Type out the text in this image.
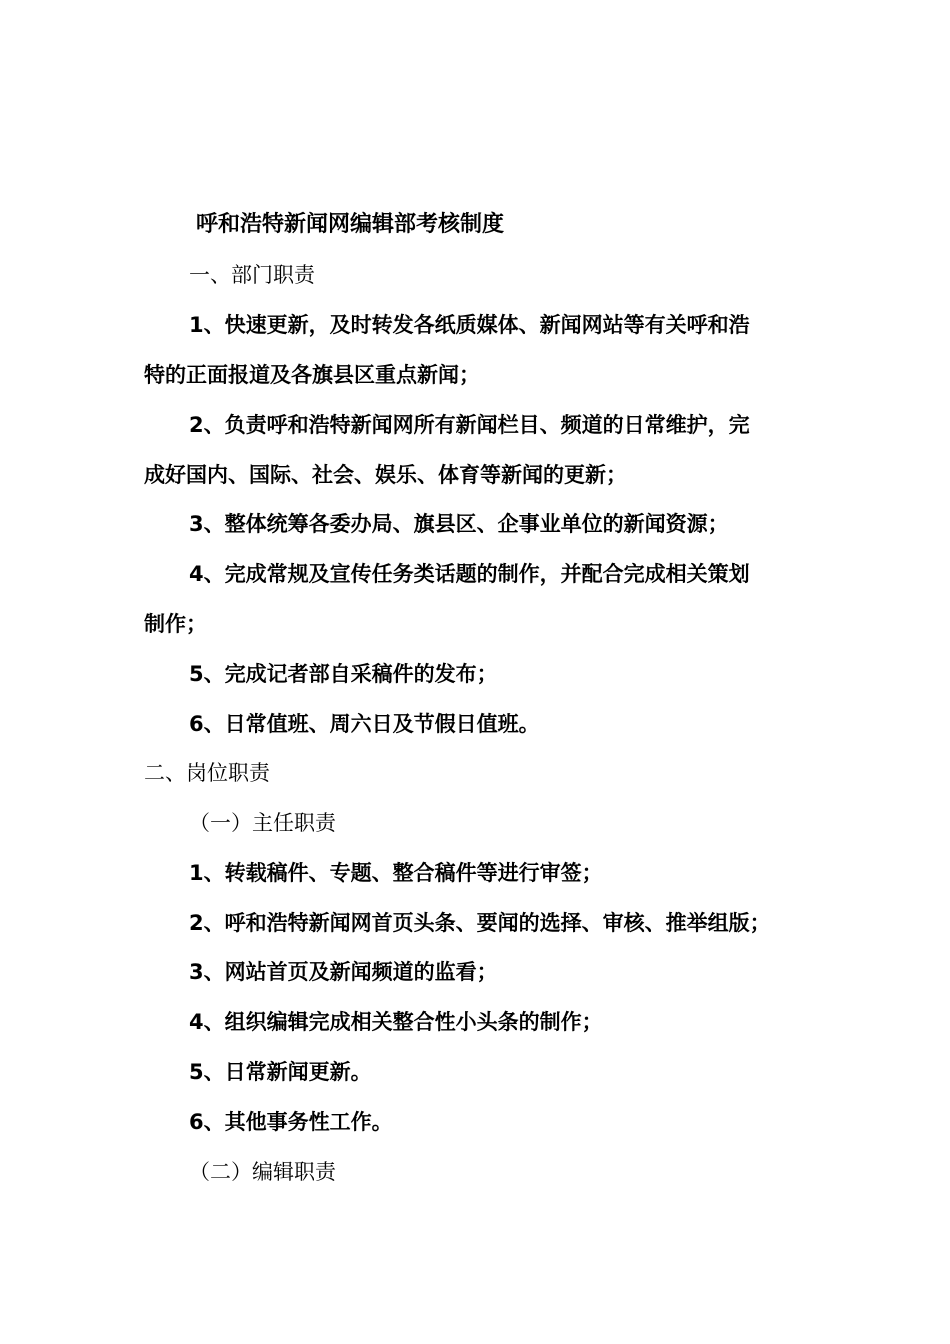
呼和浩特新闻网编辑部考核制度
一、部门职责
1、快速更新，及时转发各纸质媒体、新闻网站等有关呼和浩
特的正面报道及各旗县区重点新闻；
2、负责呼和浩特新闻网所有新闻栏目、频道的日常维护，完
成好国内、国际、社会、娱乐、体育等新闻的更新；
3、整体统筹各委办局、旗县区、企事业单位的新闻资源；
4、完成常规及宣传任务类话题的制作，并配合完成相关策划
制作；
5、完成记者部自采稿件的发布；
6、日常值班、周六日及节假日值班。
二、岗位职责
（一）主任职责
1、转载稿件、专题、整合稿件等进行审签；
2、呼和浩特新闻网首页头条、要闻的选择、审核、推举组版；
3、网站首页及新闻频道的监看；
4、组织编辑完成相关整合性小头条的制作；
5、日常新闻更新。
6、其他事务性工作。
（二）编辑职责
